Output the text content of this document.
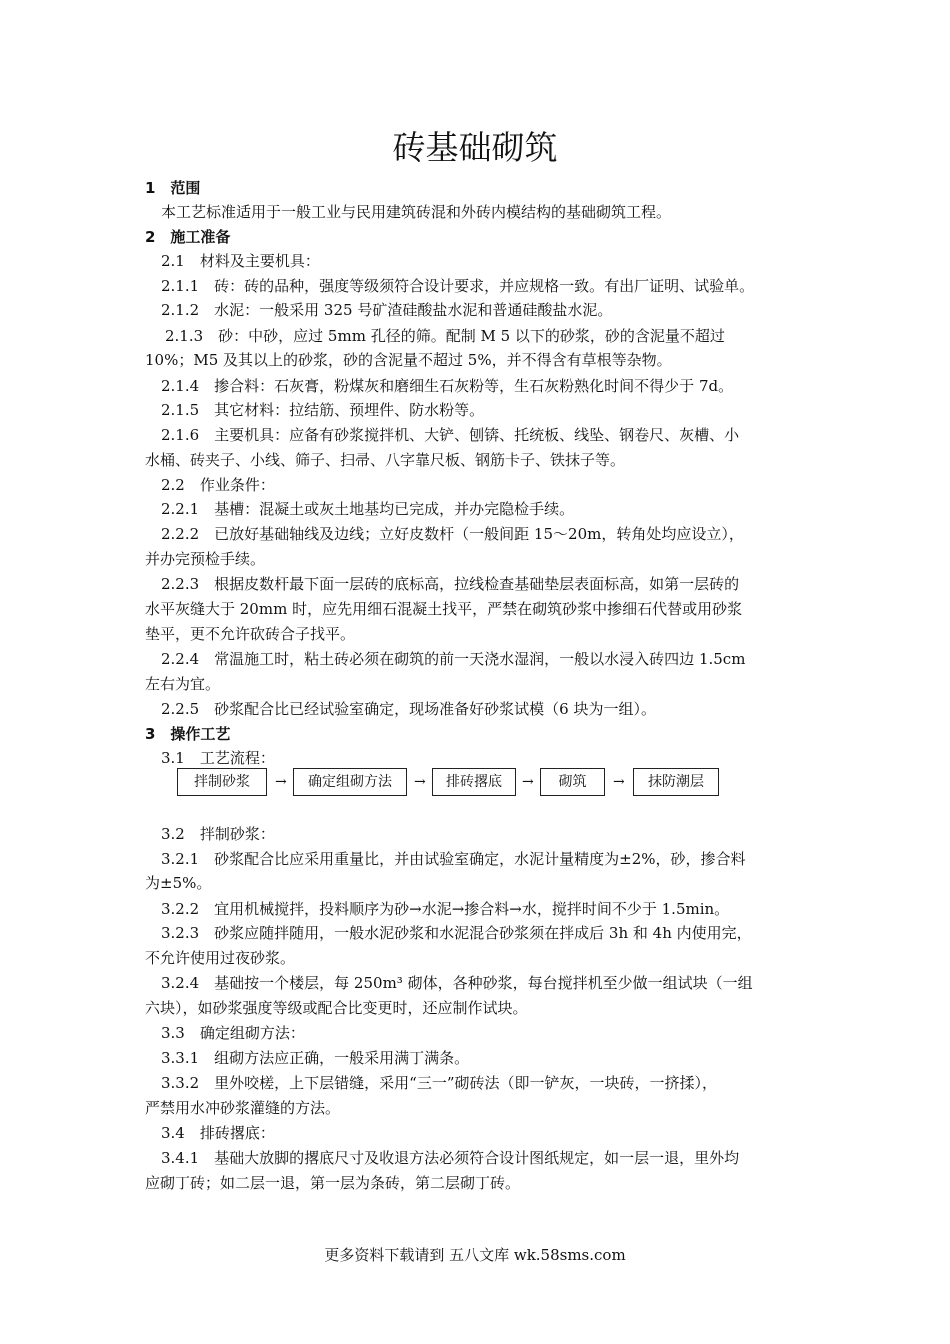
砖基础砌筑
1　范围
本工艺标准适用于一般工业与民用建筑砖混和外砖内模结构的基础砌筑工程。
2　施工准备
2.1　材料及主要机具：
2.1.1　砖：砖的品种，强度等级须符合设计要求，并应规格一致。有出厂证明、试验单。
2.1.2　水泥：一般采用 325 号矿渣硅酸盐水泥和普通硅酸盐水泥。
2.1.3　砂：中砂，应过 5mm 孔径的筛。配制 M 5 以下的砂浆，砂的含泥量不超过
10%；M5 及其以上的砂浆，砂的含泥量不超过 5%，并不得含有草根等杂物。
2.1.4　掺合料：石灰膏，粉煤灰和磨细生石灰粉等，生石灰粉熟化时间不得少于 7d。
2.1.5　其它材料：拉结筋、预埋件、防水粉等。
2.1.6　主要机具：应备有砂浆搅拌机、大铲、刨锛、托统板、线坠、钢卷尺、灰槽、小
水桶、砖夹子、小线、筛子、扫帚、八字靠尺板、钢筋卡子、铁抹子等。
2.2　作业条件：
2.2.1　基槽：混凝土或灰土地基均已完成，并办完隐检手续。
2.2.2　已放好基础轴线及边线；立好皮数杆（一般间距 15～20m，转角处均应设立），
并办完预检手续。
2.2.3　根据皮数杆最下面一层砖的底标高，拉线检查基础垫层表面标高，如第一层砖的
水平灰缝大于 20mm 时，应先用细石混凝土找平，严禁在砌筑砂浆中掺细石代替或用砂浆
垫平，更不允许砍砖合子找平。
2.2.4　常温施工时，粘土砖必须在砌筑的前一天浇水湿润，一般以水浸入砖四边 1.5cm
左右为宜。
2.2.5　砂浆配合比已经试验室确定，现场准备好砂浆试模（6 块为一组）。
3　操作工艺
3.1　工艺流程：
3.2　拌制砂浆：
3.2.1　砂浆配合比应采用重量比，并由试验室确定，水泥计量精度为±2%，砂，掺合料
为±5%。
3.2.2　宜用机械搅拌，投料顺序为砂→水泥→掺合料→水，搅拌时间不少于 1.5min。
3.2.3　砂浆应随拌随用，一般水泥砂浆和水泥混合砂浆须在拌成后 3h 和 4h 内使用完，
不允许使用过夜砂浆。
3.2.4　基础按一个楼层，每 250m³ 砌体，各种砂浆，每台搅拌机至少做一组试块（一组
六块），如砂浆强度等级或配合比变更时，还应制作试块。
3.3　确定组砌方法：
3.3.1　组砌方法应正确，一般采用满丁满条。
3.3.2　里外咬槎，上下层错缝，采用“三一”砌砖法（即一铲灰，一块砖，一挤揉），
严禁用水冲砂浆灌缝的方法。
3.4　排砖撂底：
3.4.1　基础大放脚的撂底尺寸及收退方法必须符合设计图纸规定，如一层一退，里外均
应砌丁砖；如二层一退，第一层为条砖，第二层砌丁砖。
拌制砂浆	→	确定组砌方法	→	排砖撂底	→	砌筑	→	抹防潮层
更多资料下载请到 五八文库 wk.58sms.com
